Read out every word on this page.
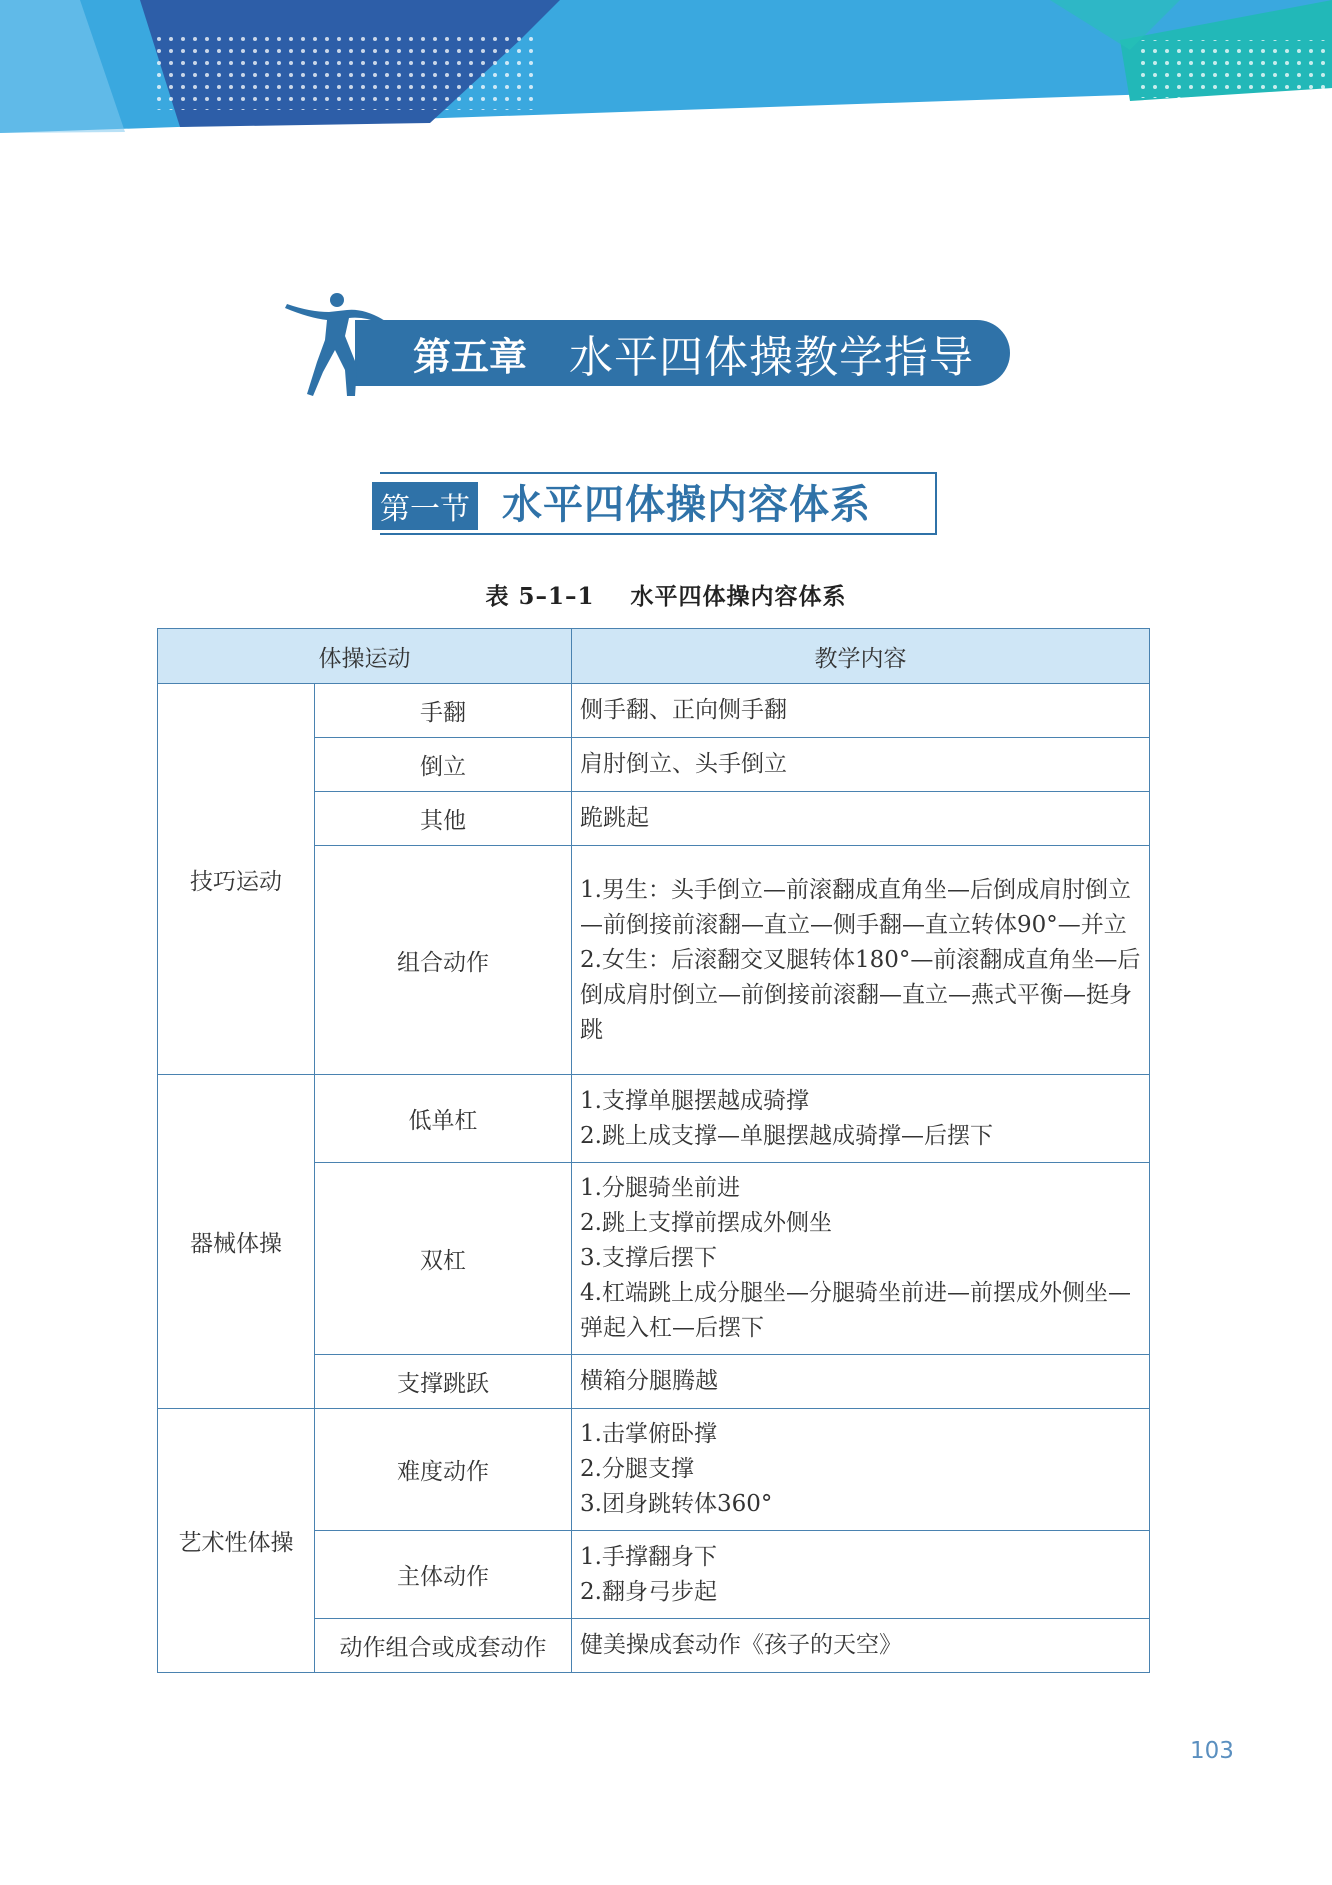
第五章 水平四体操教学指导
第一节 水平四体操内容体系
表 5–1–1 水平四体操内容体系
体操运动		教学内容
技巧运动	手翻	侧手翻、正向侧手翻

	倒立	肩肘倒立、头手倒立

	其他	跪跳起

	组合动作	1.男生：头手倒立—前滚翻成直角坐—后倒成肩肘倒立—前倒接前滚翻—直立—侧手翻—直立转体90°—并立
2.女生：后滚翻交叉腿转体180°—前滚翻成直角坐—后倒成肩肘倒立—前倒接前滚翻—直立—燕式平衡—挺身跳

器械体操	低单杠	1.支撑单腿摆越成骑撑
2.跳上成支撑—单腿摆越成骑撑—后摆下

	双杠	1.分腿骑坐前进
2.跳上支撑前摆成外侧坐
3.支撑后摆下
4.杠端跳上成分腿坐—分腿骑坐前进—前摆成外侧坐—弹起入杠—后摆下

	支撑跳跃	横箱分腿腾越

艺术性体操	难度动作	1.击掌俯卧撑
2.分腿支撑
3.团身跳转体360°

	主体动作	1.手撑翻身下
2.翻身弓步起

	动作组合或成套动作	健美操成套动作《孩子的天空》
103
